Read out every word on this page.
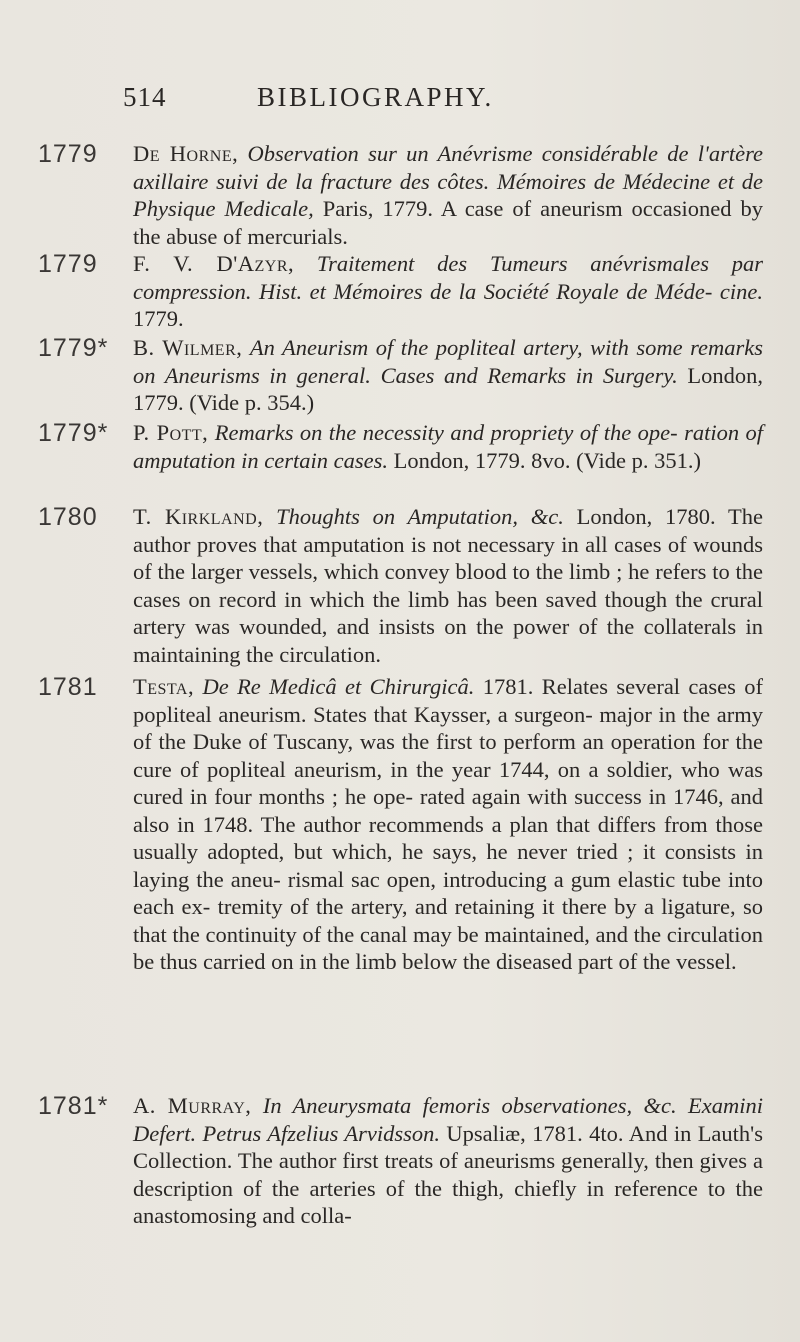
514	BIBLIOGRAPHY.
1779 De Horne, Observation sur un Anévrisme considérable de l'artère axillaire suivi de la fracture des côtes. Mémoires de Médecine et de Physique Medicale, Paris, 1779. A case of aneurism occasioned by the abuse of mercurials.
1779 F. V. D'Azyr, Traitement des Tumeurs anévrismales par compression. Hist. et Mémoires de la Société Royale de Méde- cine. 1779.
1779* B. Wilmer, An Aneurism of the popliteal artery, with some remarks on Aneurisms in general. Cases and Remarks in Surgery. London, 1779. (Vide p. 354.)
1779* P. Pott, Remarks on the necessity and propriety of the ope- ration of amputation in certain cases. London, 1779. 8vo. (Vide p. 351.)
1780 T. Kirkland, Thoughts on Amputation, &c. London, 1780. The author proves that amputation is not necessary in all cases of wounds of the larger vessels, which convey blood to the limb ; he refers to the cases on record in which the limb has been saved though the crural artery was wounded, and insists on the power of the collaterals in maintaining the circulation.
1781 Testa, De Re Medicâ et Chirurgicâ. 1781. Relates several cases of popliteal aneurism. States that Kaysser, a surgeon- major in the army of the Duke of Tuscany, was the first to perform an operation for the cure of popliteal aneurism, in the year 1744, on a soldier, who was cured in four months ; he ope- rated again with success in 1746, and also in 1748. The author recommends a plan that differs from those usually adopted, but which, he says, he never tried ; it consists in laying the aneu- rismal sac open, introducing a gum elastic tube into each ex- tremity of the artery, and retaining it there by a ligature, so that the continuity of the canal may be maintained, and the circulation be thus carried on in the limb below the diseased part of the vessel.
1781* A. Murray, In Aneurysmata femoris observationes, &c. Examini Defert. Petrus Afzelius Arvidsson. Upsaliæ, 1781. 4to. And in Lauth's Collection. The author first treats of aneurisms generally, then gives a description of the arteries of the thigh, chiefly in reference to the anastomosing and colla-
